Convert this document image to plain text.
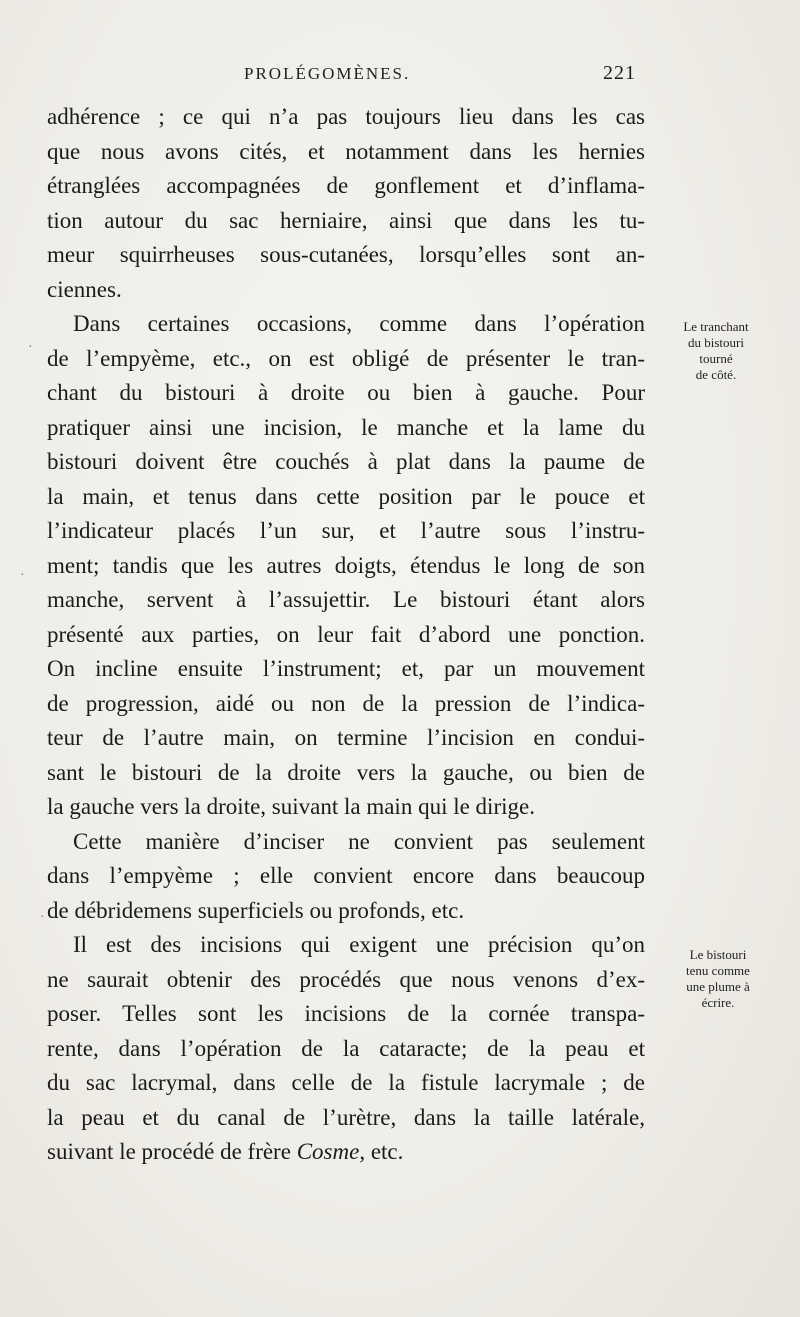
PROLÉGOMÈNES.	221
adhérence ; ce qui n’a pas toujours lieu dans les cas
que nous avons cités, et notamment dans les hernies
étranglées accompagnées de gonflement et d’inflama-
tion autour du sac herniaire, ainsi que dans les tu-
meur squirrheuses sous-cutanées, lorsqu’elles sont an-
ciennes.
Dans certaines occasions, comme dans l’opération
de l’empyème, etc., on est obligé de présenter le tran-
chant du bistouri à droite ou bien à gauche. Pour
pratiquer ainsi une incision, le manche et la lame du
bistouri doivent être couchés à plat dans la paume de
la main, et tenus dans cette position par le pouce et
l’indicateur placés l’un sur, et l’autre sous l’instru-
ment; tandis que les autres doigts, étendus le long de son
manche, servent à l’assujettir. Le bistouri étant alors
présenté aux parties, on leur fait d’abord une ponction.
On incline ensuite l’instrument; et, par un mouvement
de progression, aidé ou non de la pression de l’indica-
teur de l’autre main, on termine l’incision en condui-
sant le bistouri de la droite vers la gauche, ou bien de
la gauche vers la droite, suivant la main qui le dirige.
Cette manière d’inciser ne convient pas seulement
dans l’empyème ; elle convient encore dans beaucoup
de débridemens superficiels ou profonds, etc.
Il est des incisions qui exigent une précision qu’on
ne saurait obtenir des procédés que nous venons d’ex-
poser. Telles sont les incisions de la cornée transpa-
rente, dans l’opération de la cataracte; de la peau et
du sac lacrymal, dans celle de la fistule lacrymale ; de
la peau et du canal de l’urètre, dans la taille latérale,
suivant le procédé de frère Cosme, etc.
Le tranchant
du bistouri
tourné
de côté.
Le bistouri
tenu comme
une plume à
écrire.
·
·
·
